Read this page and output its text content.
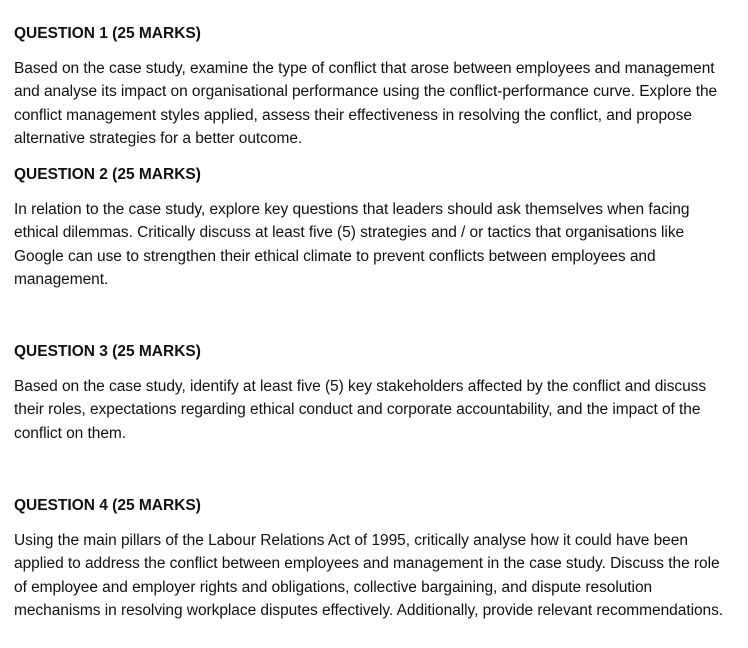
QUESTION 1 (25 MARKS)

Based on the case study, examine the type of conflict that arose between employees and management and analyse its impact on organisational performance using the conflict-performance curve. Explore the conflict management styles applied, assess their effectiveness in resolving the conflict, and propose alternative strategies for a better outcome.

QUESTION 2 (25 MARKS)

In relation to the case study, explore key questions that leaders should ask themselves when facing ethical dilemmas. Critically discuss at least five (5) strategies and / or tactics that organisations like Google can use to strengthen their ethical climate to prevent conflicts between employees and management.

QUESTION 3 (25 MARKS)

Based on the case study, identify at least five (5) key stakeholders affected by the conflict and discuss their roles, expectations regarding ethical conduct and corporate accountability, and the impact of the conflict on them.

QUESTION 4 (25 MARKS)

Using the main pillars of the Labour Relations Act of 1995, critically analyse how it could have been applied to address the conflict between employees and management in the case study. Discuss the role of employee and employer rights and obligations, collective bargaining, and dispute resolution mechanisms in resolving workplace disputes effectively. Additionally, provide relevant recommendations.
